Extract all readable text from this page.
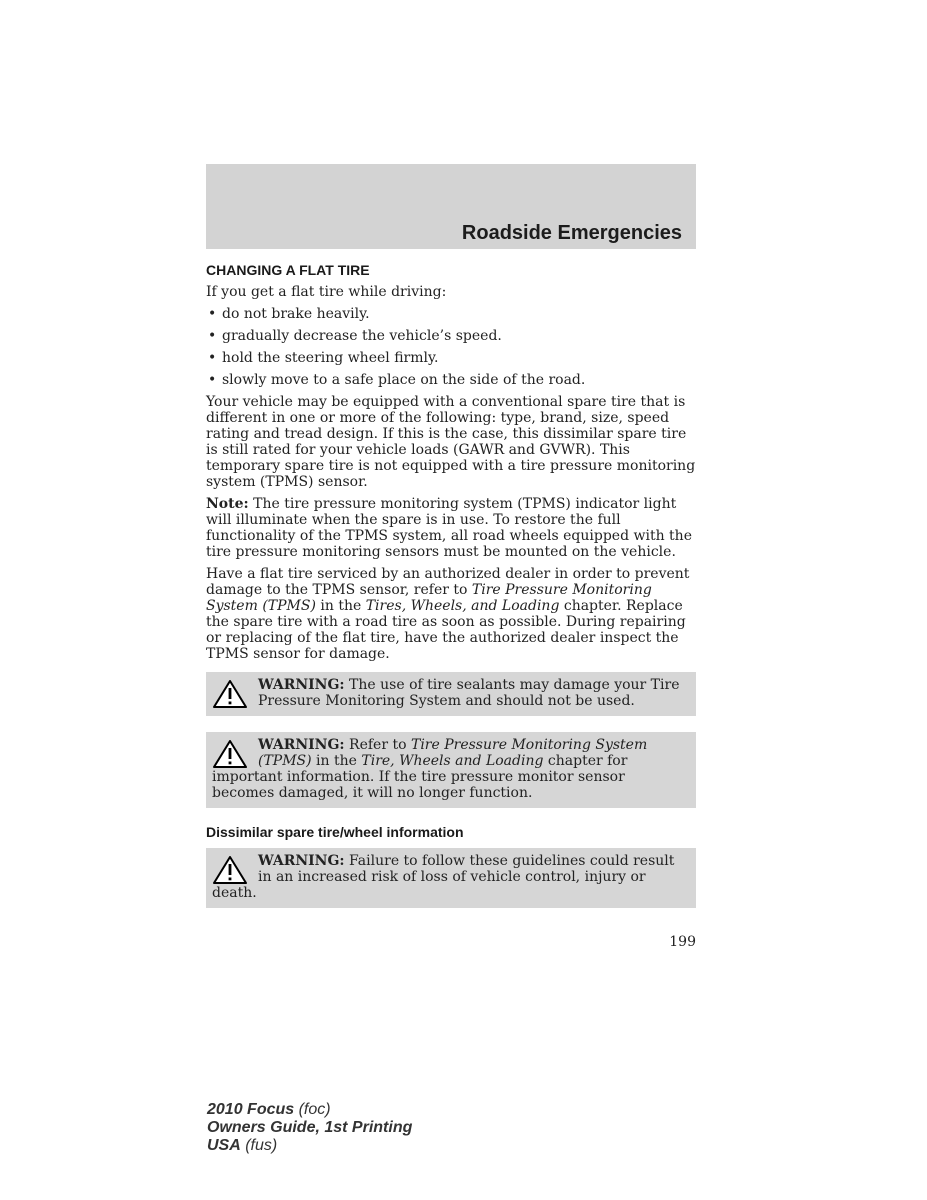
Roadside Emergencies
CHANGING A FLAT TIRE
If you get a flat tire while driving:
• do not brake heavily.
• gradually decrease the vehicle’s speed.
• hold the steering wheel firmly.
• slowly move to a safe place on the side of the road.
Your vehicle may be equipped with a conventional spare tire that is different in one or more of the following: type, brand, size, speed rating and tread design. If this is the case, this dissimilar spare tire is still rated for your vehicle loads (GAWR and GVWR). This temporary spare tire is not equipped with a tire pressure monitoring system (TPMS) sensor.
Note: The tire pressure monitoring system (TPMS) indicator light will illuminate when the spare is in use. To restore the full functionality of the TPMS system, all road wheels equipped with the tire pressure monitoring sensors must be mounted on the vehicle.
Have a flat tire serviced by an authorized dealer in order to prevent damage to the TPMS sensor, refer to Tire Pressure Monitoring System (TPMS) in the Tires, Wheels, and Loading chapter. Replace the spare tire with a road tire as soon as possible. During repairing or replacing of the flat tire, have the authorized dealer inspect the TPMS sensor for damage.
WARNING: The use of tire sealants may damage your Tire Pressure Monitoring System and should not be used.
WARNING: Refer to Tire Pressure Monitoring System (TPMS) in the Tire, Wheels and Loading chapter for important information. If the tire pressure monitor sensor becomes damaged, it will no longer function.
Dissimilar spare tire/wheel information
WARNING: Failure to follow these guidelines could result in an increased risk of loss of vehicle control, injury or death.
199
2010 Focus (foc)
Owners Guide, 1st Printing
USA (fus)
